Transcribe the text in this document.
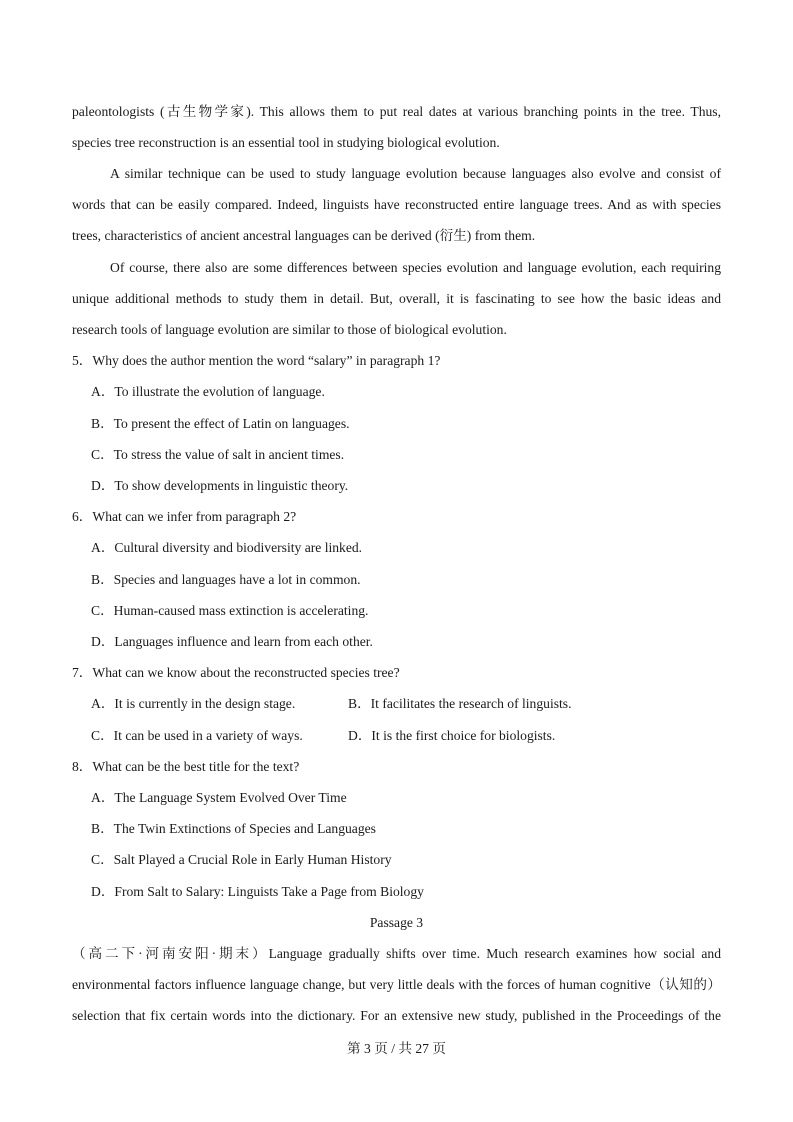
paleontologists (古生物学家). This allows them to put real dates at various branching points in the tree. Thus,
species tree reconstruction is an essential tool in studying biological evolution.
A similar technique can be used to study language evolution because languages also evolve and consist of
words that can be easily compared. Indeed, linguists have reconstructed entire language trees. And as with species
trees, characteristics of ancient ancestral languages can be derived (衍生) from them.
Of course, there also are some differences between species evolution and language evolution, each requiring
unique additional methods to study them in detail. But, overall, it is fascinating to see how the basic ideas and
research tools of language evolution are similar to those of biological evolution.
5．Why does the author mention the word “salary” in paragraph 1?
A．To illustrate the evolution of language.
B．To present the effect of Latin on languages.
C．To stress the value of salt in ancient times.
D．To show developments in linguistic theory.
6．What can we infer from paragraph 2?
A．Cultural diversity and biodiversity are linked.
B．Species and languages have a lot in common.
C．Human-caused mass extinction is accelerating.
D．Languages influence and learn from each other.
7．What can we know about the reconstructed species tree?
A．It is currently in the design stage.	B．It facilitates the research of linguists.
C．It can be used in a variety of ways.	D．It is the first choice for biologists.
8．What can be the best title for the text?
A．The Language System Evolved Over Time
B．The Twin Extinctions of Species and Languages
C．Salt Played a Crucial Role in Early Human History
D．From Salt to Salary: Linguists Take a Page from Biology
Passage 3
（高二下·河南安阳·期末）Language gradually shifts over time. Much research examines how social and
environmental factors influence language change, but very little deals with the forces of human cognitive（认知的）
selection that fix certain words into the dictionary. For an extensive new study, published in the Proceedings of the
第 3 页 / 共 27 页
